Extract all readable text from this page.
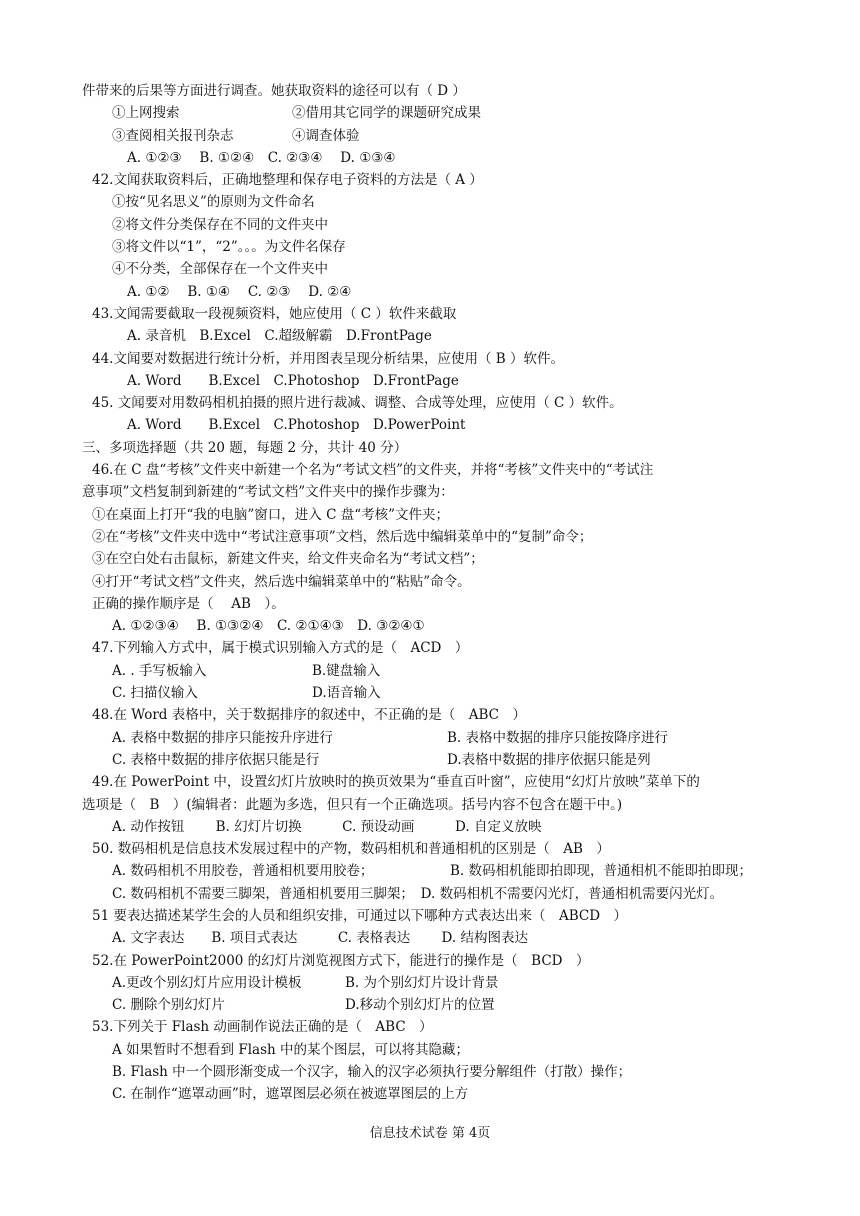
件带来的后果等方面进行调查。她获取资料的途径可以有（ D ）
①上网搜索	②借用其它同学的课题研究成果
③查阅相关报刊杂志	④调查体验
A. ①②③　 B. ①②④　C. ②③④　 D. ①③④
42.文闻获取资料后，正确地整理和保存电子资料的方法是（ A ）
①按“见名思义”的原则为文件命名
②将文件分类保存在不同的文件夹中
③将文件以“1”，“2”。。。为文件名保存
④不分类，全部保存在一个文件夹中
A. ①②　 B. ①④　 C. ②③　 D. ②④
43.文闻需要截取一段视频资料，她应使用（ C ）软件来截取
A. 录音机　B.Excel　C.超级解霸　D.FrontPage
44.文闻要对数据进行统计分析，并用图表呈现分析结果，应使用（ B ）软件。
A. Word　　B.Excel　C.Photoshop　D.FrontPage
45. 文闻要对用数码相机拍摄的照片进行裁减、调整、合成等处理，应使用（ C ）软件。
A. Word　　B.Excel　C.Photoshop　D.PowerPoint
三、多项选择题（共 20 题，每题 2 分，共计 40 分）
46.在 C 盘“考核”文件夹中新建一个名为“考试文档”的文件夹，并将“考核”文件夹中的“考试注
意事项”文档复制到新建的“考试文档”文件夹中的操作步骤为：
①在桌面上打开“我的电脑”窗口，进入 C 盘“考核”文件夹；
②在“考核”文件夹中选中“考试注意事项”文档，然后选中编辑菜单中的“复制”命令；
③在空白处右击鼠标，新建文件夹，给文件夹命名为“考试文档”；
④打开“考试文档”文件夹，然后选中编辑菜单中的“粘贴”命令。
正确的操作顺序是（　 AB　）。
A. ①②③④　 B. ①③②④　C. ②①④③　D. ③②④①
47.下列输入方式中，属于模式识别输入方式的是（　ACD　）
A. . 手写板输入	B.键盘输入
C. 扫描仪输入	D.语音输入
48.在 Word 表格中，关于数据排序的叙述中，不正确的是（　ABC　）
A. 表格中数据的排序只能按升序进行	B. 表格中数据的排序只能按降序进行
C. 表格中数据的排序依据只能是行	D.表格中数据的排序依据只能是列
49.在 PowerPoint 中，设置幻灯片放映时的换页效果为“垂直百叶窗”，应使用“幻灯片放映”菜单下的
选项是（　B　）(编辑者：此题为多选，但只有一个正确选项。括号内容不包含在题干中。)
A. 动作按钮　　 B. 幻灯片切换　　　C. 预设动画　　　D. 自定义放映
50. 数码相机是信息技术发展过程中的产物，数码相机和普通相机的区别是（　AB　）
A. 数码相机不用胶卷，普通相机要用胶卷；	B. 数码相机能即拍即现，普通相机不能即拍即现；
C. 数码相机不需要三脚架，普通相机要用三脚架；　D. 数码相机不需要闪光灯，普通相机需要闪光灯。
51 要表达描述某学生会的人员和组织安排，可通过以下哪种方式表达出来（　ABCD　）
A. 文字表达　　B. 项目式表达　　　C. 表格表达　　 D. 结构图表达
52.在 PowerPoint2000 的幻灯片浏览视图方式下，能进行的操作是（　BCD　）
A.更改个别幻灯片应用设计模板	B. 为个别幻灯片设计背景
C. 删除个别幻灯片	D.移动个别幻灯片的位置
53.下列关于 Flash 动画制作说法正确的是（　ABC　）
A 如果暂时不想看到 Flash 中的某个图层，可以将其隐藏；
B. Flash 中一个圆形渐变成一个汉字，输入的汉字必须执行要分解组件（打散）操作；
C. 在制作“遮罩动画”时，遮罩图层必须在被遮罩图层的上方
信息技术试卷 第 4页
